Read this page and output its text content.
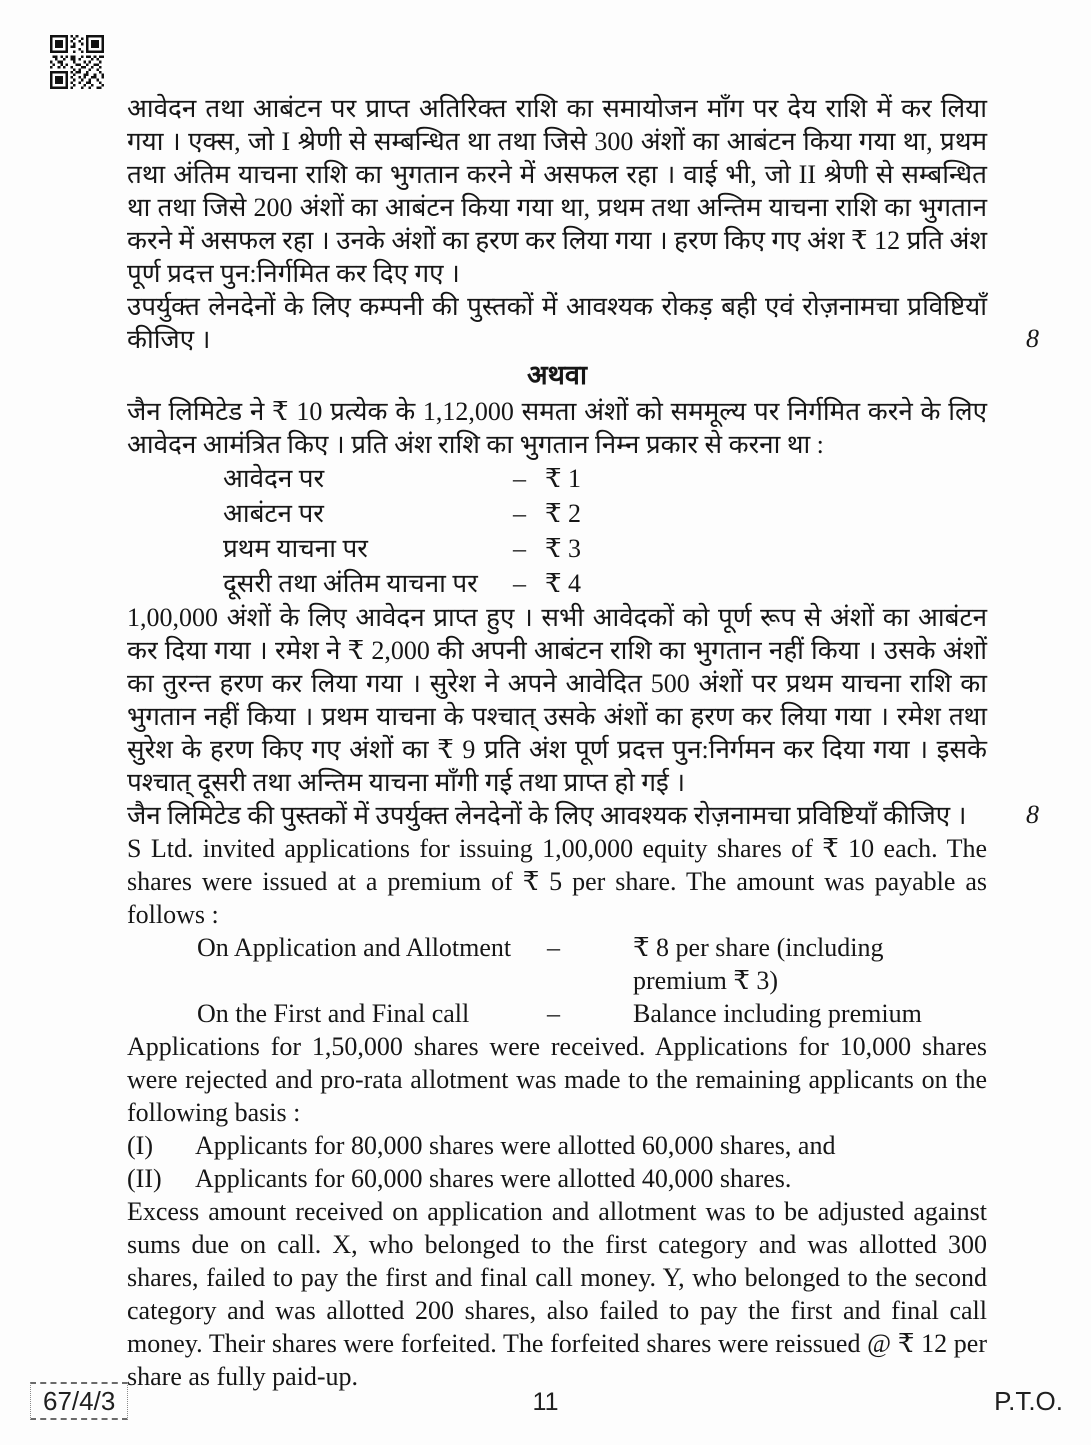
आवेदन तथा आबंटन पर प्राप्त अतिरिक्त राशि का समायोजन माँग पर देय राशि में कर लिया गया । एक्स, जो I श्रेणी से सम्बन्धित था तथा जिसे 300 अंशों का आबंटन किया गया था, प्रथम तथा अंतिम याचना राशि का भुगतान करने में असफल रहा । वाई भी, जो II श्रेणी से सम्बन्धित था तथा जिसे 200 अंशों का आबंटन किया गया था, प्रथम तथा अन्तिम याचना राशि का भुगतान करने में असफल रहा । उनके अंशों का हरण कर लिया गया । हरण किए गए अंश ₹ 12 प्रति अंश पूर्ण प्रदत्त पुन:निर्गमित कर दिए गए ।

उपर्युक्त लेनदेनों के लिए कम्पनी की पुस्तकों में आवश्यक रोकड़ बही एवं रोज़नामचा प्रविष्टियाँ कीजिए ।	8
अथवा

जैन लिमिटेड ने ₹ 10 प्रत्येक के 1,12,000 समता अंशों को सममूल्य पर निर्गमित करने के लिए आवेदन आमंत्रित किए । प्रति अंश राशि का भुगतान निम्न प्रकार से करना था :

आवेदन पर	– ₹ 1
आबंटन पर	– ₹ 2
प्रथम याचना पर	– ₹ 3
दूसरी तथा अंतिम याचना पर	– ₹ 4

1,00,000 अंशों के लिए आवेदन प्राप्त हुए । सभी आवेदकों को पूर्ण रूप से अंशों का आबंटन कर दिया गया । रमेश ने ₹ 2,000 की अपनी आबंटन राशि का भुगतान नहीं किया । उसके अंशों का तुरन्त हरण कर लिया गया । सुरेश ने अपने आवेदित 500 अंशों पर प्रथम याचना राशि का भुगतान नहीं किया । प्रथम याचना के पश्चात् उसके अंशों का हरण कर लिया गया । रमेश तथा सुरेश के हरण किए गए अंशों का ₹ 9 प्रति अंश पूर्ण प्रदत्त पुन:निर्गमन कर दिया गया । इसके पश्चात् दूसरी तथा अन्तिम याचना माँगी गई तथा प्राप्त हो गई ।

जैन लिमिटेड की पुस्तकों में उपर्युक्त लेनदेनों के लिए आवश्यक रोज़नामचा प्रविष्टियाँ कीजिए ।	8

S Ltd. invited applications for issuing 1,00,000 equity shares of ₹ 10 each. The shares were issued at a premium of ₹ 5 per share. The amount was payable as follows :

On Application and Allotment	–	₹ 8 per share (including premium ₹ 3)
On the First and Final call	–	Balance including premium

Applications for 1,50,000 shares were received. Applications for 10,000 shares were rejected and pro-rata allotment was made to the remaining applicants on the following basis :

(I)	Applicants for 80,000 shares were allotted 60,000 shares, and
(II)	Applicants for 60,000 shares were allotted 40,000 shares.

Excess amount received on application and allotment was to be adjusted against sums due on call. X, who belonged to the first category and was allotted 300 shares, failed to pay the first and final call money. Y, who belonged to the second category and was allotted 200 shares, also failed to pay the first and final call money. Their shares were forfeited. The forfeited shares were reissued @ ₹ 12 per share as fully paid-up.

67/4/3	11	P.T.O.
